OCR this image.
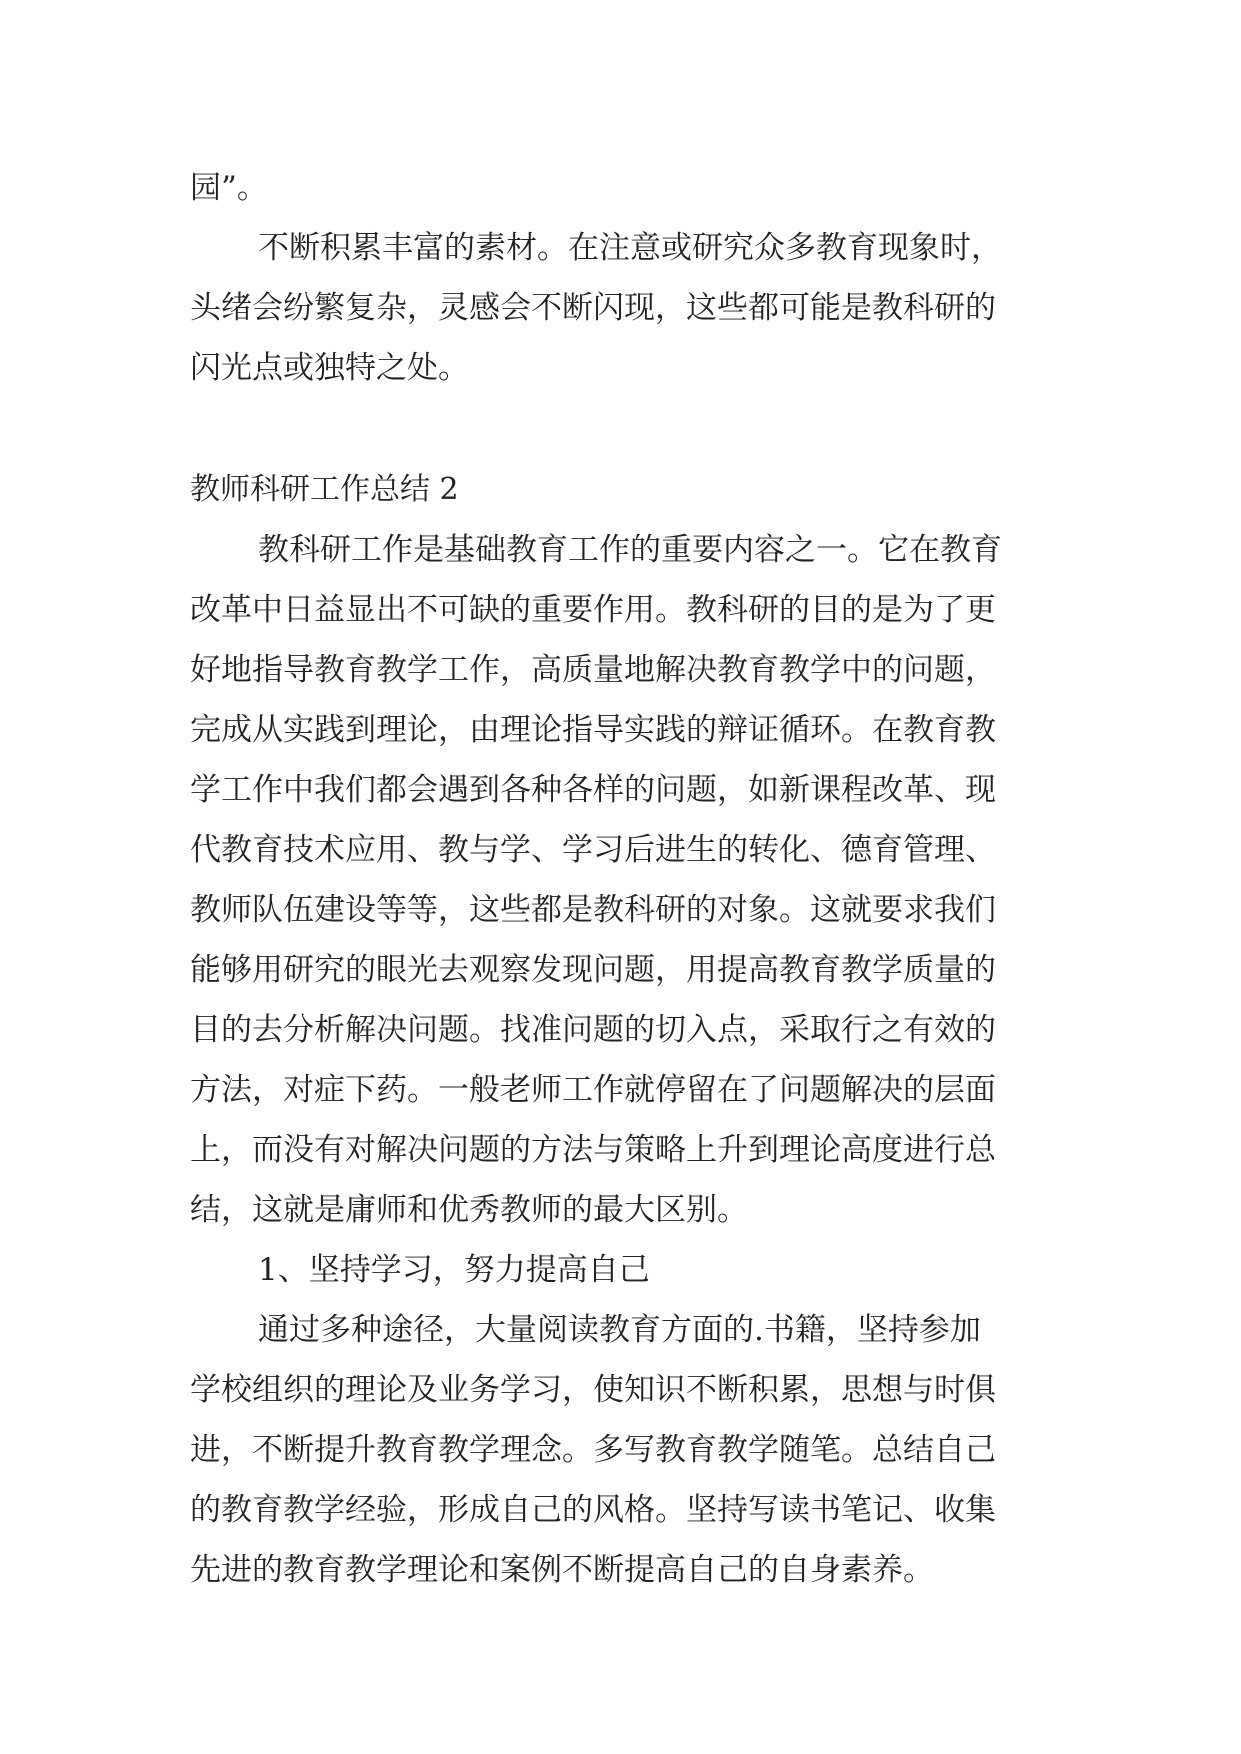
园”。
不断积累丰富的素材。在注意或研究众多教育现象时，
头绪会纷繁复杂，灵感会不断闪现，这些都可能是教科研的
闪光点或独特之处。
教师科研工作总结 2
教科研工作是基础教育工作的重要内容之一。它在教育
改革中日益显出不可缺的重要作用。教科研的目的是为了更
好地指导教育教学工作，高质量地解决教育教学中的问题，
完成从实践到理论，由理论指导实践的辩证循环。在教育教
学工作中我们都会遇到各种各样的问题，如新课程改革、现
代教育技术应用、教与学、学习后进生的转化、德育管理、
教师队伍建设等等，这些都是教科研的对象。这就要求我们
能够用研究的眼光去观察发现问题，用提高教育教学质量的
目的去分析解决问题。找准问题的切入点，采取行之有效的
方法，对症下药。一般老师工作就停留在了问题解决的层面
上，而没有对解决问题的方法与策略上升到理论高度进行总
结，这就是庸师和优秀教师的最大区别。
1、坚持学习，努力提高自己
通过多种途径，大量阅读教育方面的.书籍，坚持参加
学校组织的理论及业务学习，使知识不断积累，思想与时俱
进，不断提升教育教学理念。多写教育教学随笔。总结自己
的教育教学经验，形成自己的风格。坚持写读书笔记、收集
先进的教育教学理论和案例不断提高自己的自身素养。
